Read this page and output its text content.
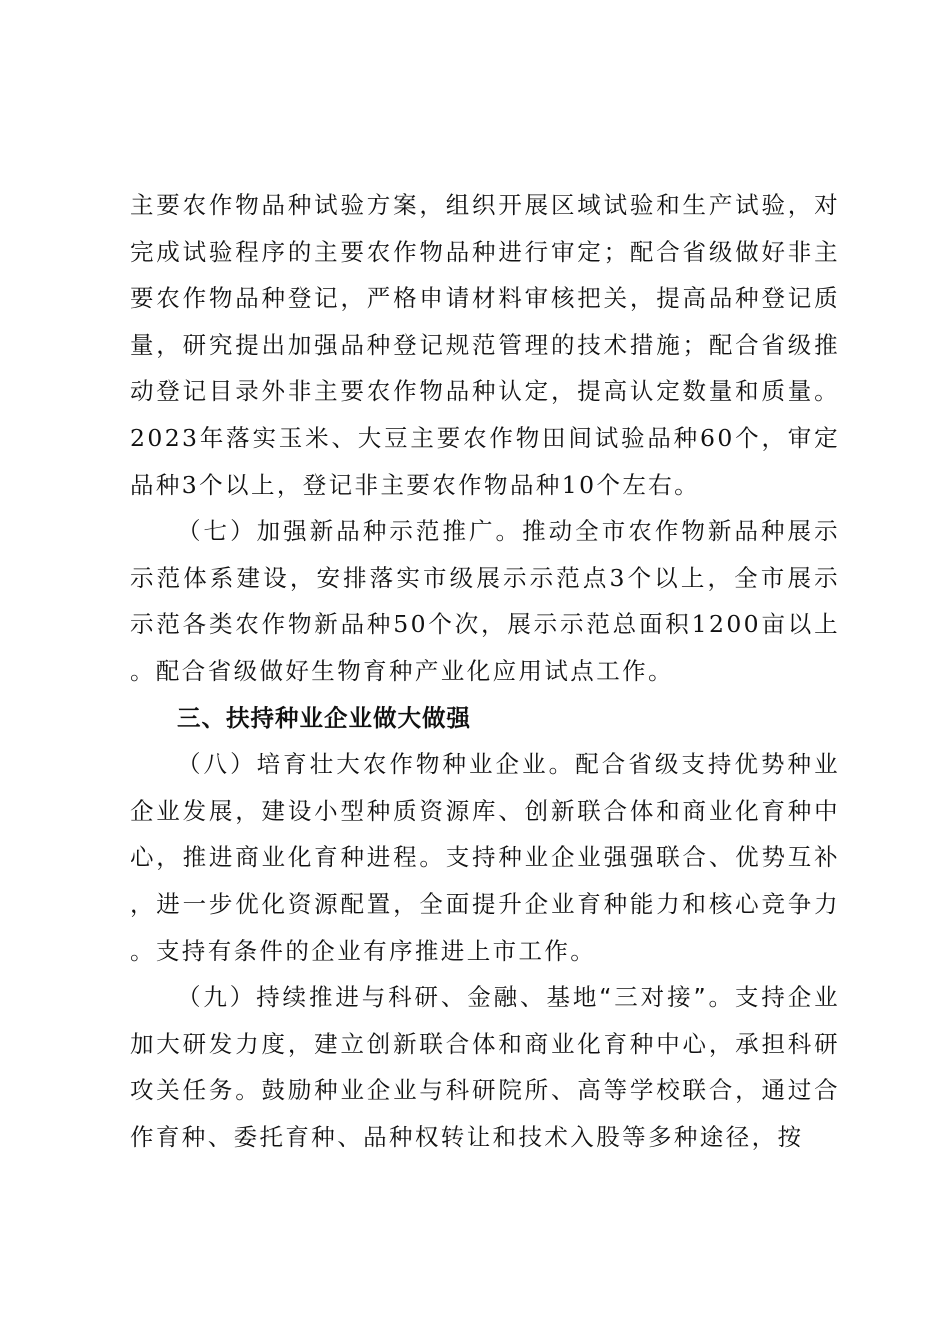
主要农作物品种试验方案，组织开展区域试验和生产试验，对完成试验程序的主要农作物品种进行审定；配合省级做好非主要农作物品种登记，严格申请材料审核把关，提高品种登记质量，研究提出加强品种登记规范管理的技术措施；配合省级推动登记目录外非主要农作物品种认定，提高认定数量和质量。2023年落实玉米、大豆主要农作物田间试验品种60个，审定品种3个以上，登记非主要农作物品种10个左右。

（七）加强新品种示范推广。推动全市农作物新品种展示示范体系建设，安排落实市级展示示范点3个以上，全市展示示范各类农作物新品种50个次，展示示范总面积1200亩以上。配合省级做好生物育种产业化应用试点工作。

三、扶持种业企业做大做强

（八）培育壮大农作物种业企业。配合省级支持优势种业企业发展，建设小型种质资源库、创新联合体和商业化育种中心，推进商业化育种进程。支持种业企业强强联合、优势互补，进一步优化资源配置，全面提升企业育种能力和核心竞争力。支持有条件的企业有序推进上市工作。

（九）持续推进与科研、金融、基地“三对接”。支持企业加大研发力度，建立创新联合体和商业化育种中心，承担科研攻关任务。鼓励种业企业与科研院所、高等学校联合，通过合作育种、委托育种、品种权转让和技术入股等多种途径，按
